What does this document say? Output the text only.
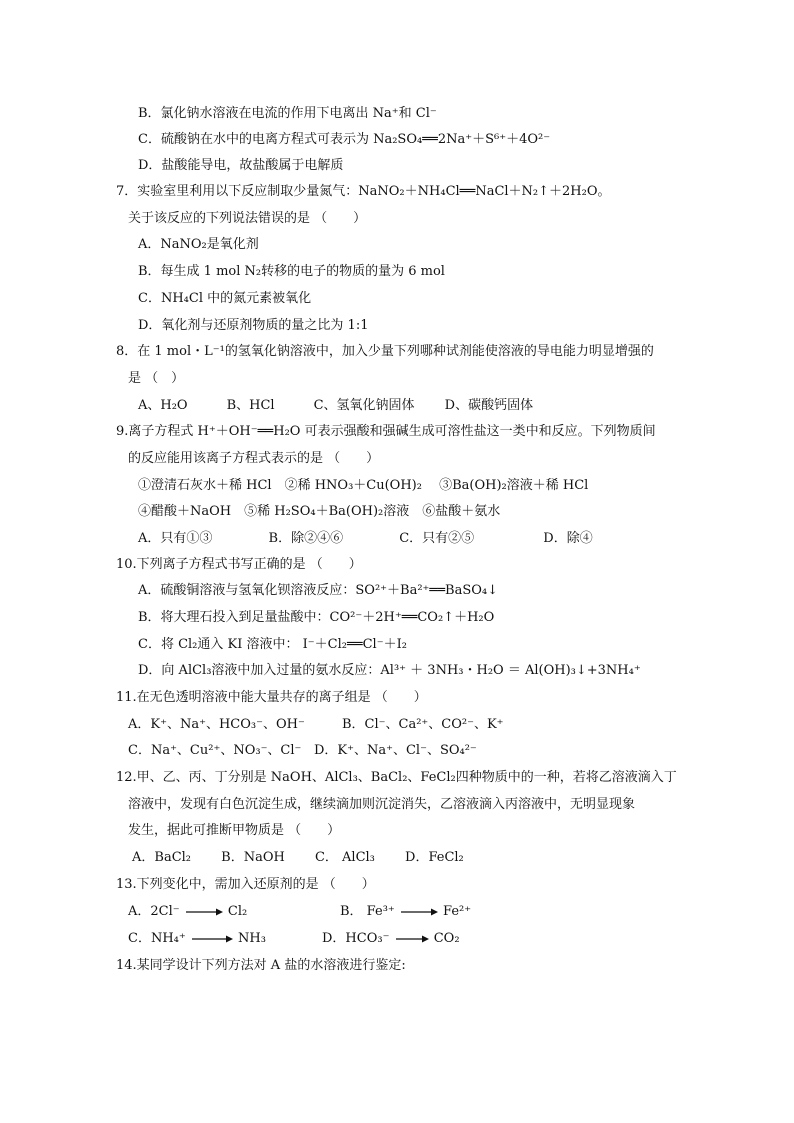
B．氯化钠水溶液在电流的作用下电离出 Na⁺和 Cl⁻
C．硫酸钠在水中的电离方程式可表示为 Na₂SO₄══2Na⁺＋S⁶⁺＋4O²⁻
D．盐酸能导电，故盐酸属于电解质
7．实验室里利用以下反应制取少量氮气：NaNO₂＋NH₄Cl══NaCl＋N₂↑＋2H₂O。
关于该反应的下列说法错误的是 （　　）
A．NaNO₂是氧化剂
B．每生成 1 mol N₂转移的电子的物质的量为 6 mol
C．NH₄Cl 中的氮元素被氧化
D．氧化剂与还原剂物质的量之比为 1:1
8．在 1 mol・L⁻¹的氢氧化钠溶液中，加入少量下列哪种试剂能使溶液的导电能力明显增强的
是 （　）
A、H₂O　　　B、HCl　　　C、氢氧化钠固体　　 D、碳酸钙固体
9.离子方程式 H⁺＋OH⁻══H₂O 可表示强酸和强碱生成可溶性盐这一类中和反应。下列物质间
的反应能用该离子方程式表示的是 （　　）
①澄清石灰水＋稀 HCl　②稀 HNO₃＋Cu(OH)₂　 ③Ba(OH)₂溶液＋稀 HCl
④醋酸＋NaOH　⑤稀 H₂SO₄＋Ba(OH)₂溶液　⑥盐酸＋氨水
A．只有①③　　　　 B．除②④⑥　　　　 C．只有②⑤　　　　　 D．除④
10.下列离子方程式书写正确的是 （　　）
A．硫酸铜溶液与氢氧化钡溶液反应：SO²⁺＋Ba²⁺══BaSO₄↓
B．将大理石投入到足量盐酸中：CO²⁻＋2H⁺══CO₂↑＋H₂O
C．将 Cl₂通入 KI 溶液中： I⁻＋Cl₂══Cl⁻＋I₂
D．向 AlCl₃溶液中加入过量的氨水反应：Al³⁺ ＋ 3NH₃・H₂O ＝ Al(OH)₃↓+3NH₄⁺
11.在无色透明溶液中能大量共存的离子组是 （　　）
A．K⁺、Na⁺、HCO₃⁻、OH⁻	B．Cl⁻、Ca²⁺、CO²⁻、K⁺
C．Na⁺、Cu²⁺、NO₃⁻、Cl⁻ D．K⁺、Na⁺、Cl⁻、SO₄²⁻
12.甲、乙、丙、丁分别是 NaOH、AlCl₃、BaCl₂、FeCl₂四种物质中的一种，若将乙溶液滴入丁
溶液中，发现有白色沉淀生成，继续滴加则沉淀消失，乙溶液滴入丙溶液中，无明显现象
发生，据此可推断甲物质是 （　　）
A．BaCl₂　　 B．NaOH　　 C． AlCl₃　　 D．FeCl₂
13.下列变化中，需加入还原剂的是 （　　）
A．2Cl⁻ → Cl₂	B． Fe³⁺ → Fe²⁺
C．NH₄⁺ → NH₃	D．HCO₃⁻ → CO₂
14.某同学设计下列方法对 A 盐的水溶液进行鉴定:
